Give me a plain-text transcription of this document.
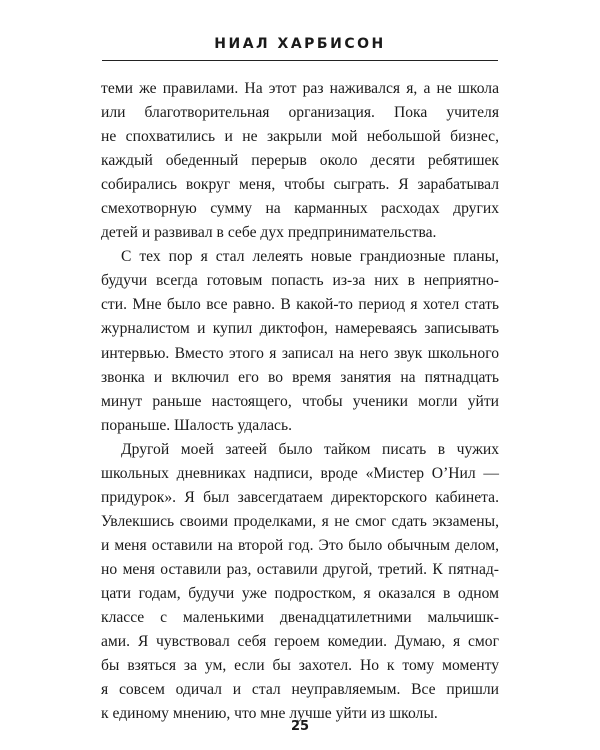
НИАЛ ХАРБИСОН

теми же правилами. На этот раз наживался я, а не школа
или благотворительная организация. Пока учителя
не спохватились и не закрыли мой небольшой бизнес,
каждый обеденный перерыв около десяти ребятишек
собирались вокруг меня, чтобы сыграть. Я зарабатывал
смехотворную сумму на карманных расходах других
детей и развивал в себе дух предпринимательства.

С тех пор я стал лелеять новые грандиозные планы,
будучи всегда готовым попасть из-за них в неприятно-
сти. Мне было все равно. В какой-то период я хотел стать
журналистом и купил диктофон, намереваясь записывать
интервью. Вместо этого я записал на него звук школьного
звонка и включил его во время занятия на пятнадцать
минут раньше настоящего, чтобы ученики могли уйти
пораньше. Шалость удалась.

Другой моей затеей было тайком писать в чужих
школьных дневниках надписи, вроде «Мистер О’Нил —
придурок». Я был завсегдатаем директорского кабинета.
Увлекшись своими проделками, я не смог сдать экзамены,
и меня оставили на второй год. Это было обычным делом,
но меня оставили раз, оставили другой, третий. К пятнад-
цати годам, будучи уже подростком, я оказался в одном
классе с маленькими двенадцатилетними мальчишк-
ами. Я чувствовал себя героем комедии. Думаю, я смог
бы взяться за ум, если бы захотел. Но к тому моменту
я совсем одичал и стал неуправляемым. Все пришли
к единому мнению, что мне лучше уйти из школы.

25
